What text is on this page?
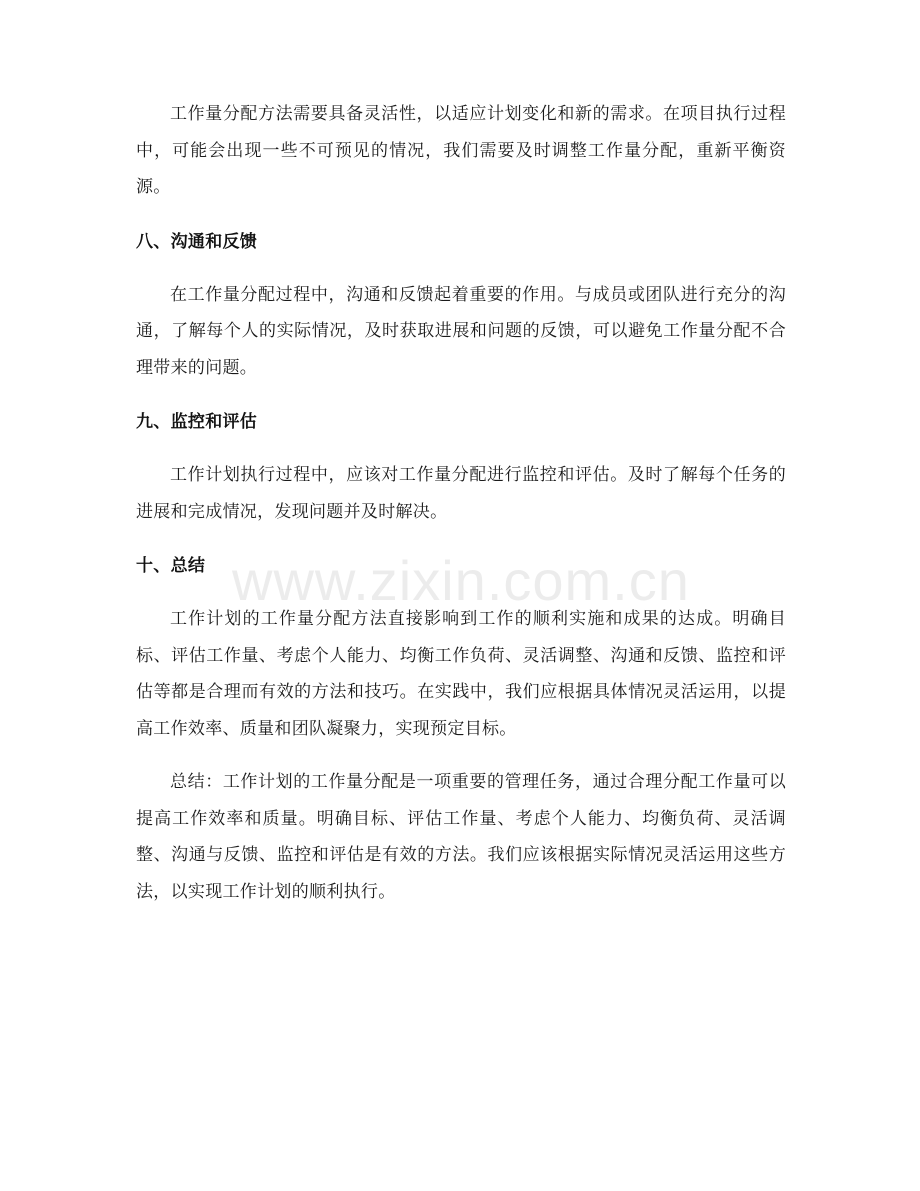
www.zixin.com.cn

工作量分配方法需要具备灵活性，以适应计划变化和新的需求。在项目执行过程中，可能会出现一些不可预见的情况，我们需要及时调整工作量分配，重新平衡资源。

八、沟通和反馈

在工作量分配过程中，沟通和反馈起着重要的作用。与成员或团队进行充分的沟通，了解每个人的实际情况，及时获取进展和问题的反馈，可以避免工作量分配不合理带来的问题。

九、监控和评估

工作计划执行过程中，应该对工作量分配进行监控和评估。及时了解每个任务的进展和完成情况，发现问题并及时解决。

十、总结

工作计划的工作量分配方法直接影响到工作的顺利实施和成果的达成。明确目标、评估工作量、考虑个人能力、均衡工作负荷、灵活调整、沟通和反馈、监控和评估等都是合理而有效的方法和技巧。在实践中，我们应根据具体情况灵活运用，以提高工作效率、质量和团队凝聚力，实现预定目标。

总结：工作计划的工作量分配是一项重要的管理任务，通过合理分配工作量可以提高工作效率和质量。明确目标、评估工作量、考虑个人能力、均衡负荷、灵活调整、沟通与反馈、监控和评估是有效的方法。我们应该根据实际情况灵活运用这些方法，以实现工作计划的顺利执行。
